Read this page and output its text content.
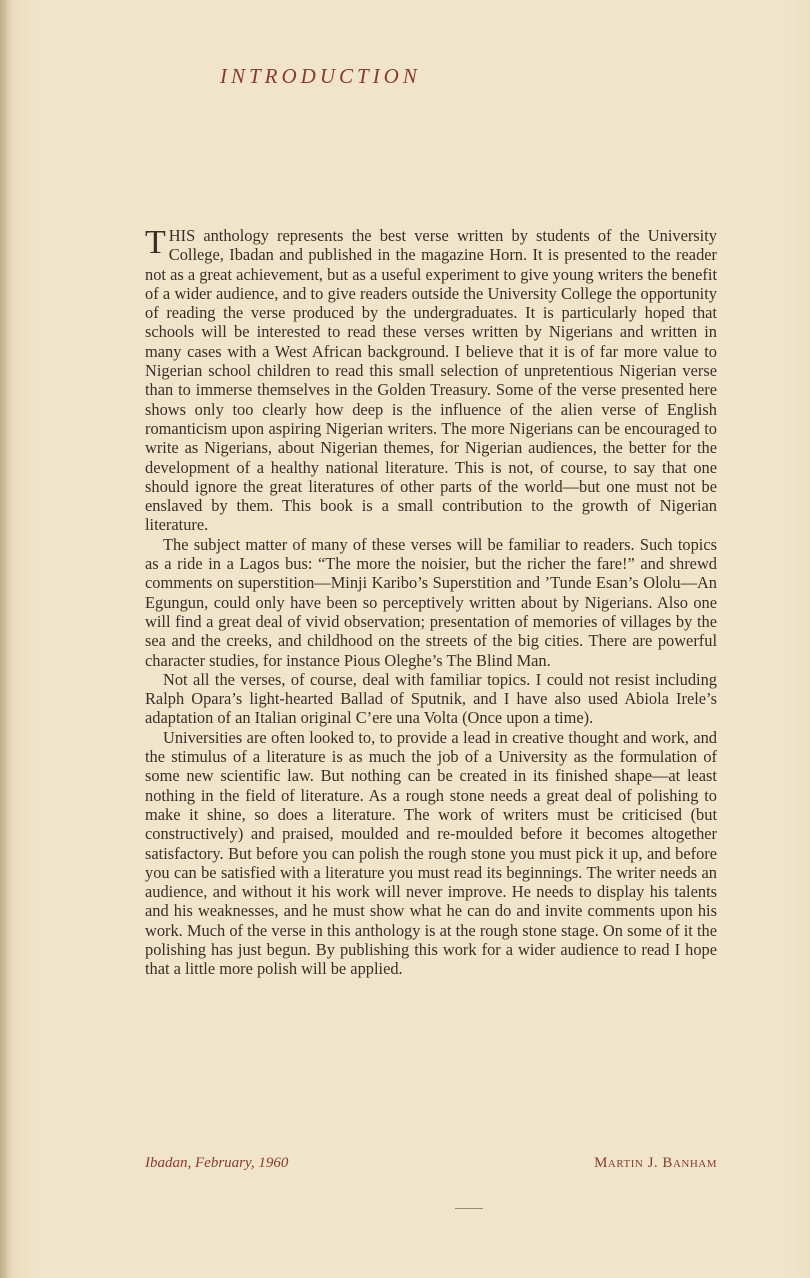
INTRODUCTION

THIS anthology represents the best verse written by students of the University College, Ibadan and published in the magazine Horn. It is presented to the reader not as a great achievement, but as a useful experiment to give young writers the benefit of a wider audience, and to give readers outside the University College the opportunity of reading the verse produced by the undergraduates. It is particularly hoped that schools will be interested to read these verses written by Nigerians and written in many cases with a West African background. I believe that it is of far more value to Nigerian school children to read this small selection of unpretentious Nigerian verse than to immerse themselves in the Golden Treasury. Some of the verse presented here shows only too clearly how deep is the influence of the alien verse of English romanticism upon aspiring Nigerian writers. The more Nigerians can be encouraged to write as Nigerians, about Nigerian themes, for Nigerian audiences, the better for the development of a healthy national literature. This is not, of course, to say that one should ignore the great literatures of other parts of the world—but one must not be enslaved by them. This book is a small contribution to the growth of Nigerian literature.

The subject matter of many of these verses will be familiar to readers. Such topics as a ride in a Lagos bus: “The more the noisier, but the richer the fare!” and shrewd comments on superstition—Minji Karibo’s Superstition and ’Tunde Esan’s Ololu—An Egungun, could only have been so perceptively written about by Nigerians. Also one will find a great deal of vivid observation; presentation of memories of villages by the sea and the creeks, and childhood on the streets of the big cities. There are powerful character studies, for instance Pious Oleghe’s The Blind Man.

Not all the verses, of course, deal with familiar topics. I could not resist including Ralph Opara’s light-hearted Ballad of Sputnik, and I have also used Abiola Irele’s adaptation of an Italian original C’ere una Volta (Once upon a time).

Universities are often looked to, to provide a lead in creative thought and work, and the stimulus of a literature is as much the job of a University as the formulation of some new scientific law. But nothing can be created in its finished shape—at least nothing in the field of literature. As a rough stone needs a great deal of polishing to make it shine, so does a literature. The work of writers must be criticised (but constructively) and praised, moulded and re-moulded before it becomes altogether satisfactory. But before you can polish the rough stone you must pick it up, and before you can be satisfied with a literature you must read its beginnings. The writer needs an audience, and without it his work will never improve. He needs to display his talents and his weaknesses, and he must show what he can do and invite comments upon his work. Much of the verse in this anthology is at the rough stone stage. On some of it the polishing has just begun. By publishing this work for a wider audience to read I hope that a little more polish will be applied.

Ibadan, February, 1960	Martin J. Banham
